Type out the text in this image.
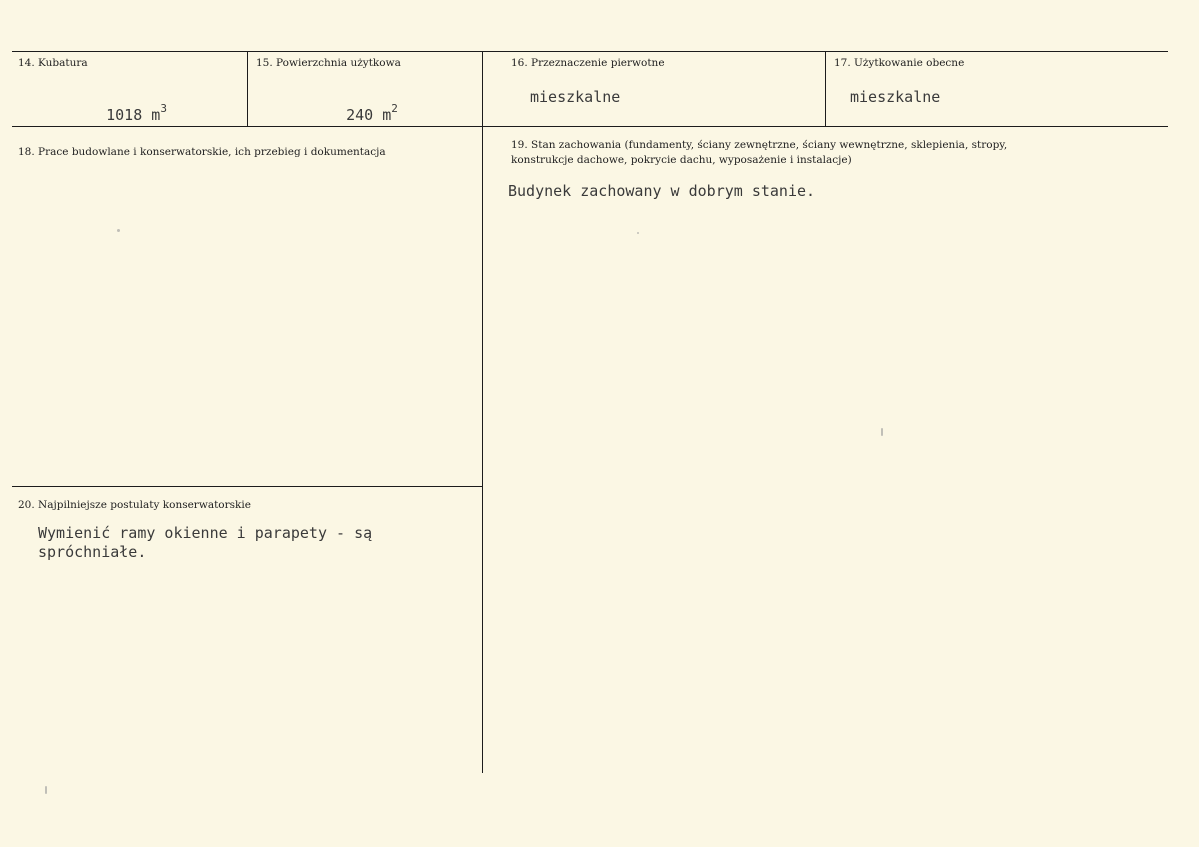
14. Kubatura

1018 $m^3$

15. Powierzchnia użytkowa

240 $m^2$

16. Przeznaczenie pierwotne
mieszkalne
17. Użytkowanie obecne
mieszkalne
18. Prace budowlane i konserwatorskie, ich przebieg i dokumentacja
19. Stan zachowania (fundamenty, ściany zewnętrzne, ściany wewnętrzne, sklepienia, stropy, konstrukcje dachowe, pokrycie dachu, wyposażenie i instalacje)
Budynek zachowany w dobrym stanie.
20. Najpilniejsze postulaty konserwatorskie
Wymienić ramy okienne i parapety - są
spróchniałe.
